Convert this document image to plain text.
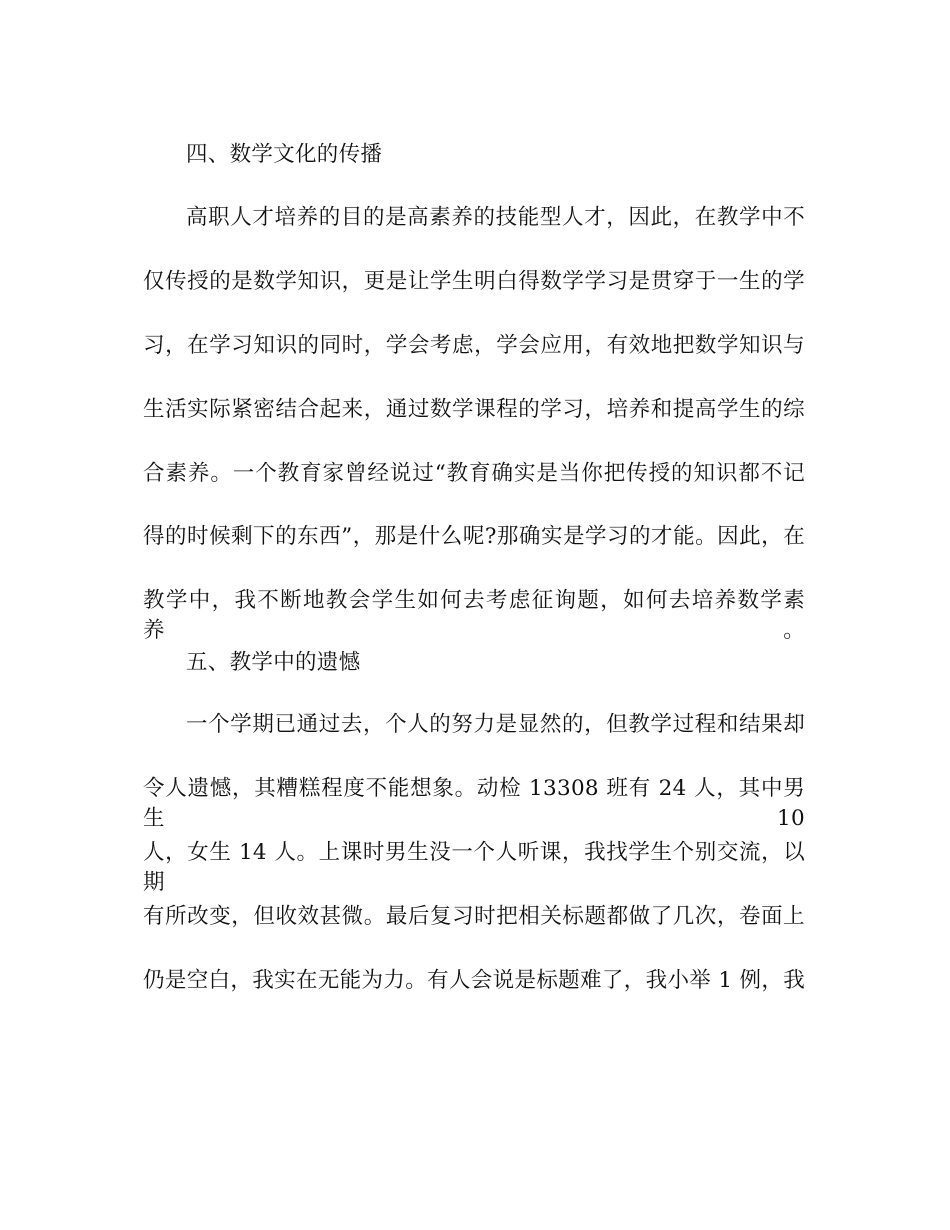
四、数学文化的传播
高职人才培养的目的是高素养的技能型人才，因此，在教学中不
仅传授的是数学知识，更是让学生明白得数学学习是贯穿于一生的学
习，在学习知识的同时，学会考虑，学会应用，有效地把数学知识与
生活实际紧密结合起来，通过数学课程的学习，培养和提高学生的综
合素养。一个教育家曾经说过“教育确实是当你把传授的知识都不记
得的时候剩下的东西”，那是什么呢?那确实是学习的才能。因此，在
教学中，我不断地教会学生如何去考虑征询题，如何去培养数学素养。
五、教学中的遗憾
一个学期已通过去，个人的努力是显然的，但教学过程和结果却
令人遗憾，其糟糕程度不能想象。动检 13308 班有 24 人，其中男生 10
人，女生 14 人。上课时男生没一个人听课，我找学生个别交流，以期
有所改变，但收效甚微。最后复习时把相关标题都做了几次，卷面上
仍是空白，我实在无能为力。有人会说是标题难了，我小举 1 例，我
